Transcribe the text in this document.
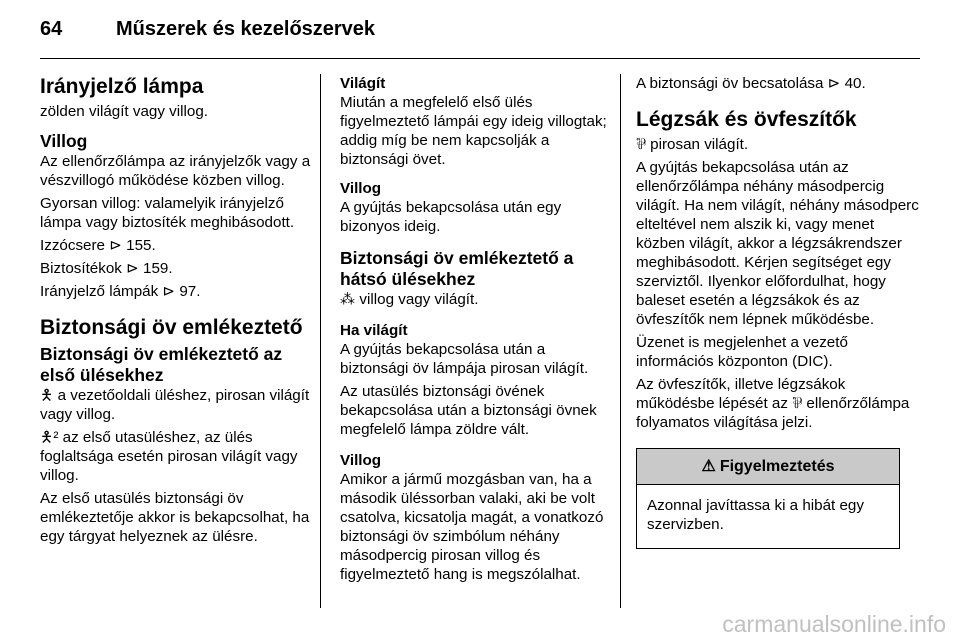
64	Műszerek és kezelőszervek
Irányjelző lámpa
zölden világít vagy villog.
Villog
Az ellenőrzőlámpa az irányjelzők vagy a vészvillogó működése közben villog.
Gyorsan villog: valamelyik irányjelző lámpa vagy biztosíték meghibásodott.
Izzócsere ⊳ 155.
Biztosítékok ⊳ 159.
Irányjelző lámpák ⊳ 97.
Biztonsági öv emlékeztető
Biztonsági öv emlékeztető az első ülésekhez
🯅 a vezetőoldali üléshez, pirosan világít vagy villog.
🯅² az első utasüléshez, az ülés foglaltsága esetén pirosan világít vagy villog.
Az első utasülés biztonsági öv emlékeztetője akkor is bekapcsolhat, ha egy tárgyat helyeznek az ülésre.
Világít
Miután a megfelelő első ülés figyelmeztető lámpái egy ideig villogtak; addig míg be nem kapcsolják a biztonsági övet.
Villog
A gyújtás bekapcsolása után egy bizonyos ideig.
Biztonsági öv emlékeztető a hátsó ülésekhez
⁂ villog vagy világít.
Ha világít
A gyújtás bekapcsolása után a biztonsági öv lámpája pirosan világít.
Az utasülés biztonsági övének bekapcsolása után a biztonsági övnek megfelelő lámpa zöldre vált.
Villog
Amikor a jármű mozgásban van, ha a második üléssorban valaki, aki be volt csatolva, kicsatolja magát, a vonatkozó biztonsági öv szimbólum néhány másodpercig pirosan villog és figyelmeztető hang is megszólalhat.
A biztonsági öv becsatolása ⊳ 40.
Légzsák és övfeszítők
⅌ pirosan világít.
A gyújtás bekapcsolása után az ellenőrzőlámpa néhány másodpercig világít. Ha nem világít, néhány másodperc elteltével nem alszik ki, vagy menet közben világít, akkor a légzsákrendszer meghibásodott. Kérjen segítséget egy szerviztől. Ilyenkor előfordulhat, hogy baleset esetén a légzsákok és az övfeszítők nem lépnek működésbe.
Üzenet is megjelenhet a vezető információs központon (DIC).
Az övfeszítők, illetve légzsákok működésbe lépését az ⅌ ellenőrzőlámpa folyamatos világítása jelzi.
⚠ Figyelmeztetés
Azonnal javíttassa ki a hibát egy szervizben.
carmanualsonline.info
